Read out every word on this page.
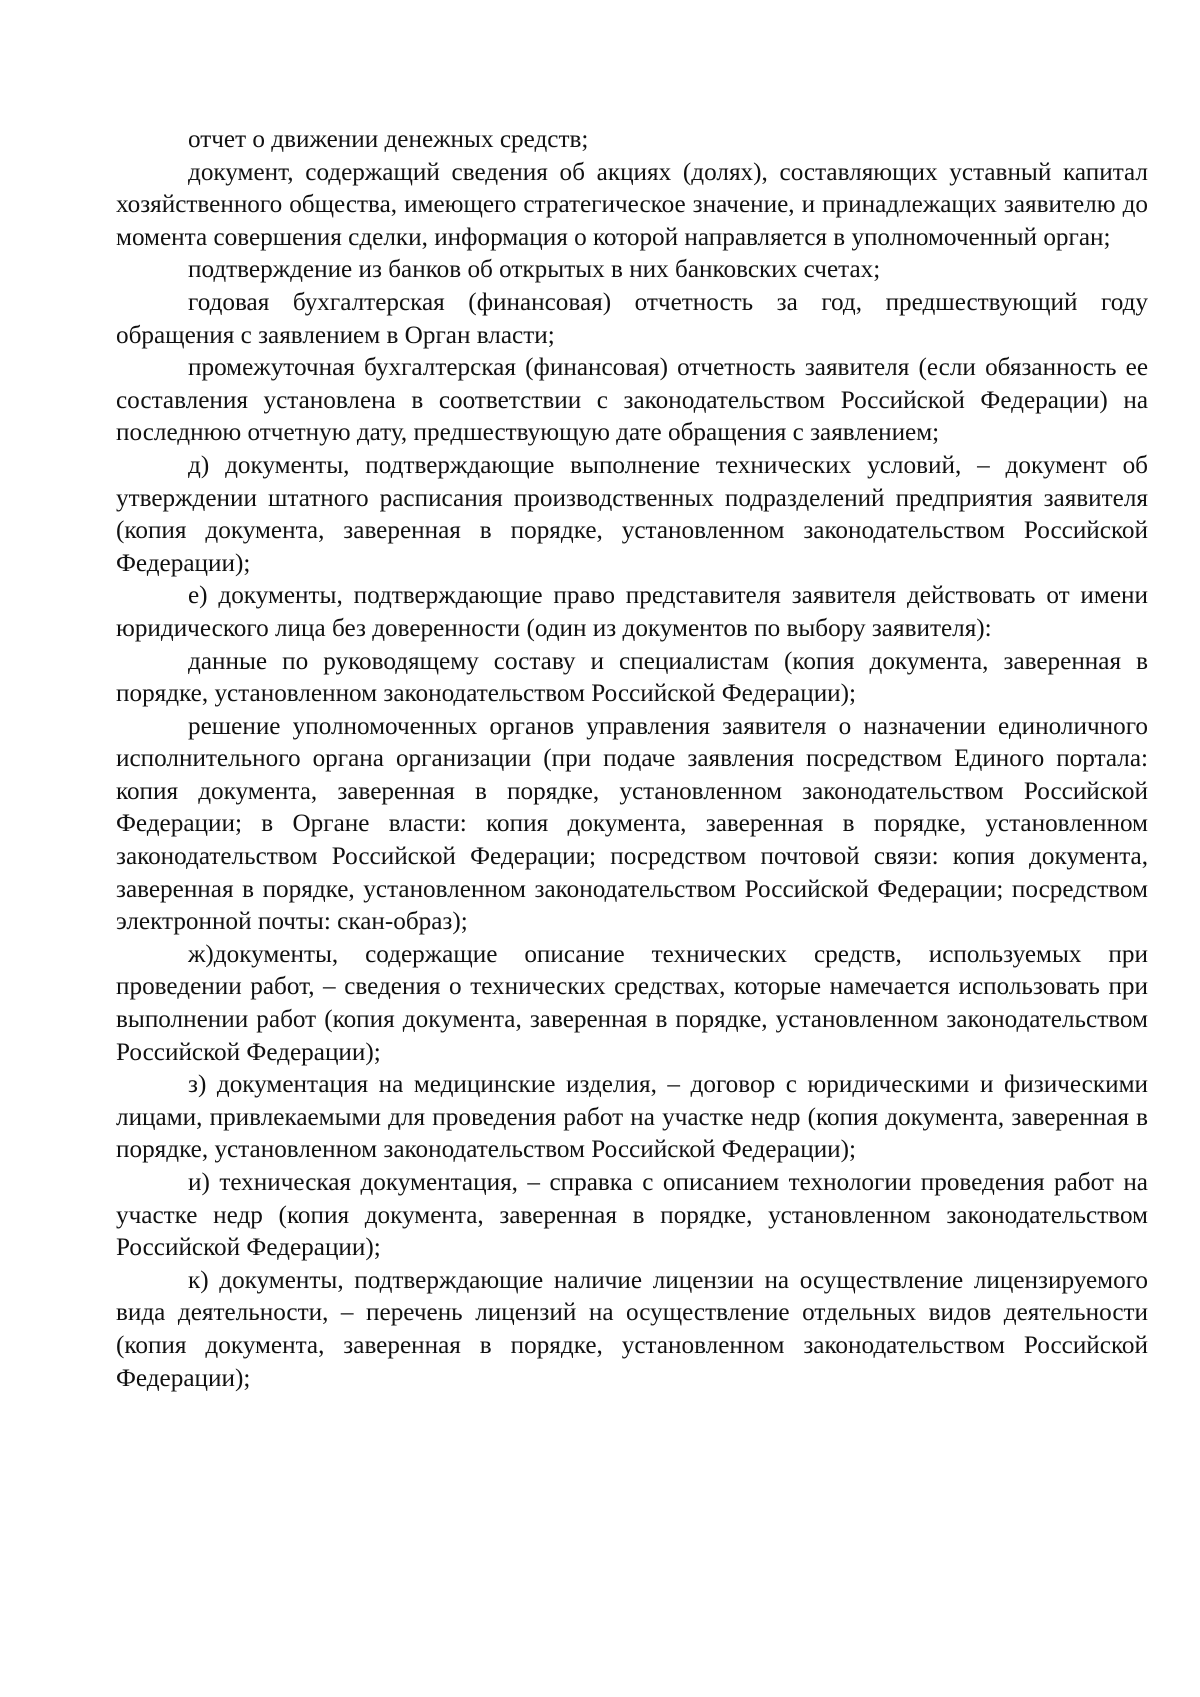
отчет о движении денежных средств;

документ, содержащий сведения об акциях (долях), составляющих уставный капитал хозяйственного общества, имеющего стратегическое значение, и принадлежащих заявителю до момента совершения сделки, информация о которой направляется в уполномоченный орган;

подтверждение из банков об открытых в них банковских счетах;

годовая бухгалтерская (финансовая) отчетность за год, предшествующий году обращения с заявлением в Орган власти;

промежуточная бухгалтерская (финансовая) отчетность заявителя (если обязанность ее составления установлена в соответствии с законодательством Российской Федерации) на последнюю отчетную дату, предшествующую дате обращения с заявлением;

д) документы, подтверждающие выполнение технических условий, – документ об утверждении штатного расписания производственных подразделений предприятия заявителя (копия документа, заверенная в порядке, установленном законодательством Российской Федерации);

е) документы, подтверждающие право представителя заявителя действовать от имени юридического лица без доверенности (один из документов по выбору заявителя):

данные по руководящему составу и специалистам (копия документа, заверенная в порядке, установленном законодательством Российской Федерации);

решение уполномоченных органов управления заявителя о назначении единоличного исполнительного органа организации (при подаче заявления посредством Единого портала: копия документа, заверенная в порядке, установленном законодательством Российской Федерации; в Органе власти: копия документа, заверенная в порядке, установленном законодательством Российской Федерации; посредством почтовой связи: копия документа, заверенная в порядке, установленном законодательством Российской Федерации; посредством электронной почты: скан-образ);

ж)документы, содержащие описание технических средств, используемых при проведении работ, – сведения о технических средствах, которые намечается использовать при выполнении работ (копия документа, заверенная в порядке, установленном законодательством Российской Федерации);

з) документация на медицинские изделия, – договор с юридическими и физическими лицами, привлекаемыми для проведения работ на участке недр (копия документа, заверенная в порядке, установленном законодательством Российской Федерации);

и) техническая документация, – справка с описанием технологии проведения работ на участке недр (копия документа, заверенная в порядке, установленном законодательством Российской Федерации);

к) документы, подтверждающие наличие лицензии на осуществление лицензируемого вида деятельности, – перечень лицензий на осуществление отдельных видов деятельности (копия документа, заверенная в порядке, установленном законодательством Российской Федерации);
